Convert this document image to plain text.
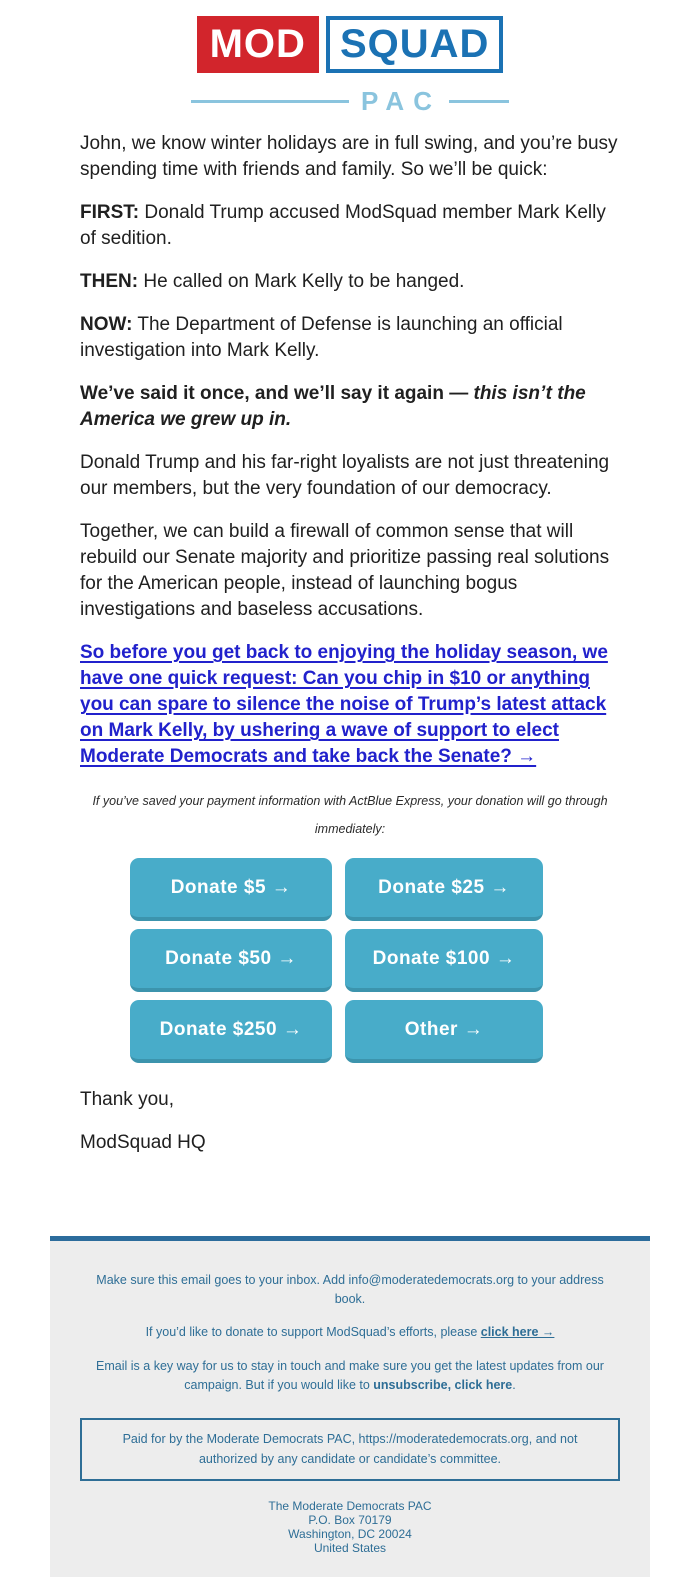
MOD SQUAD
PAC

John, we know winter holidays are in full swing, and you’re busy spending time with friends and family. So we’ll be quick:

FIRST: Donald Trump accused ModSquad member Mark Kelly of sedition.

THEN: He called on Mark Kelly to be hanged.

NOW: The Department of Defense is launching an official investigation into Mark Kelly.

We’ve said it once, and we’ll say it again — this isn’t the America we grew up in.

Donald Trump and his far-right loyalists are not just threatening our members, but the very foundation of our democracy.

Together, we can build a firewall of common sense that will rebuild our Senate majority and prioritize passing real solutions for the American people, instead of launching bogus investigations and baseless accusations.

So before you get back to enjoying the holiday season, we have one quick request: Can you chip in $10 or anything you can spare to silence the noise of Trump’s latest attack on Mark Kelly, by ushering a wave of support to elect Moderate Democrats and take back the Senate? →

If you’ve saved your payment information with ActBlue Express, your donation will go through immediately:

Donate $5 →	Donate $25 →
Donate $50 →	Donate $100 →
Donate $250 →	Other →

Thank you,

ModSquad HQ

Make sure this email goes to your inbox. Add info@moderatedemocrats.org to your address book.

If you’d like to donate to support ModSquad’s efforts, please click here →

Email is a key way for us to stay in touch and make sure you get the latest updates from our campaign. But if you would like to unsubscribe, click here.

Paid for by the Moderate Democrats PAC, https://moderatedemocrats.org, and not authorized by any candidate or candidate’s committee.
The Moderate Democrats PAC
P.O. Box 70179
Washington, DC 20024
United States
